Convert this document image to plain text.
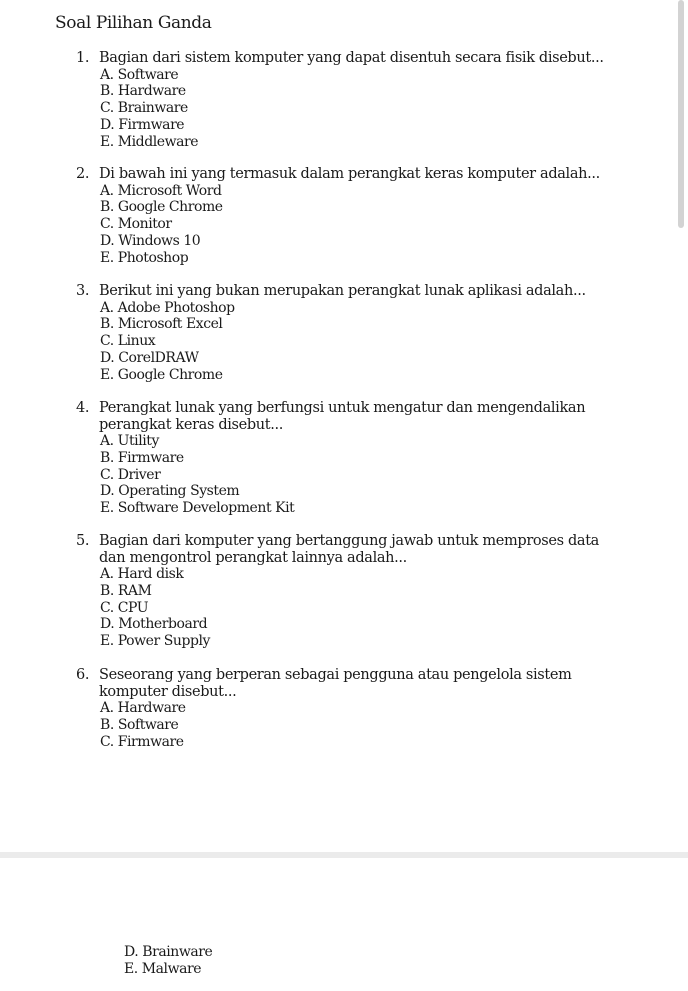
Soal Pilihan Ganda
1. Bagian dari sistem komputer yang dapat disentuh secara fisik disebut...
A. Software
B. Hardware
C. Brainware
D. Firmware
E. Middleware
2. Di bawah ini yang termasuk dalam perangkat keras komputer adalah...
A. Microsoft Word
B. Google Chrome
C. Monitor
D. Windows 10
E. Photoshop
3. Berikut ini yang bukan merupakan perangkat lunak aplikasi adalah...
A. Adobe Photoshop
B. Microsoft Excel
C. Linux
D. CorelDRAW
E. Google Chrome
4. Perangkat lunak yang berfungsi untuk mengatur dan mengendalikan perangkat keras disebut...
A. Utility
B. Firmware
C. Driver
D. Operating System
E. Software Development Kit
5. Bagian dari komputer yang bertanggung jawab untuk memproses data dan mengontrol perangkat lainnya adalah...
A. Hard disk
B. RAM
C. CPU
D. Motherboard
E. Power Supply
6. Seseorang yang berperan sebagai pengguna atau pengelola sistem komputer disebut...
A. Hardware
B. Software
C. Firmware
D. Brainware
E. Malware
